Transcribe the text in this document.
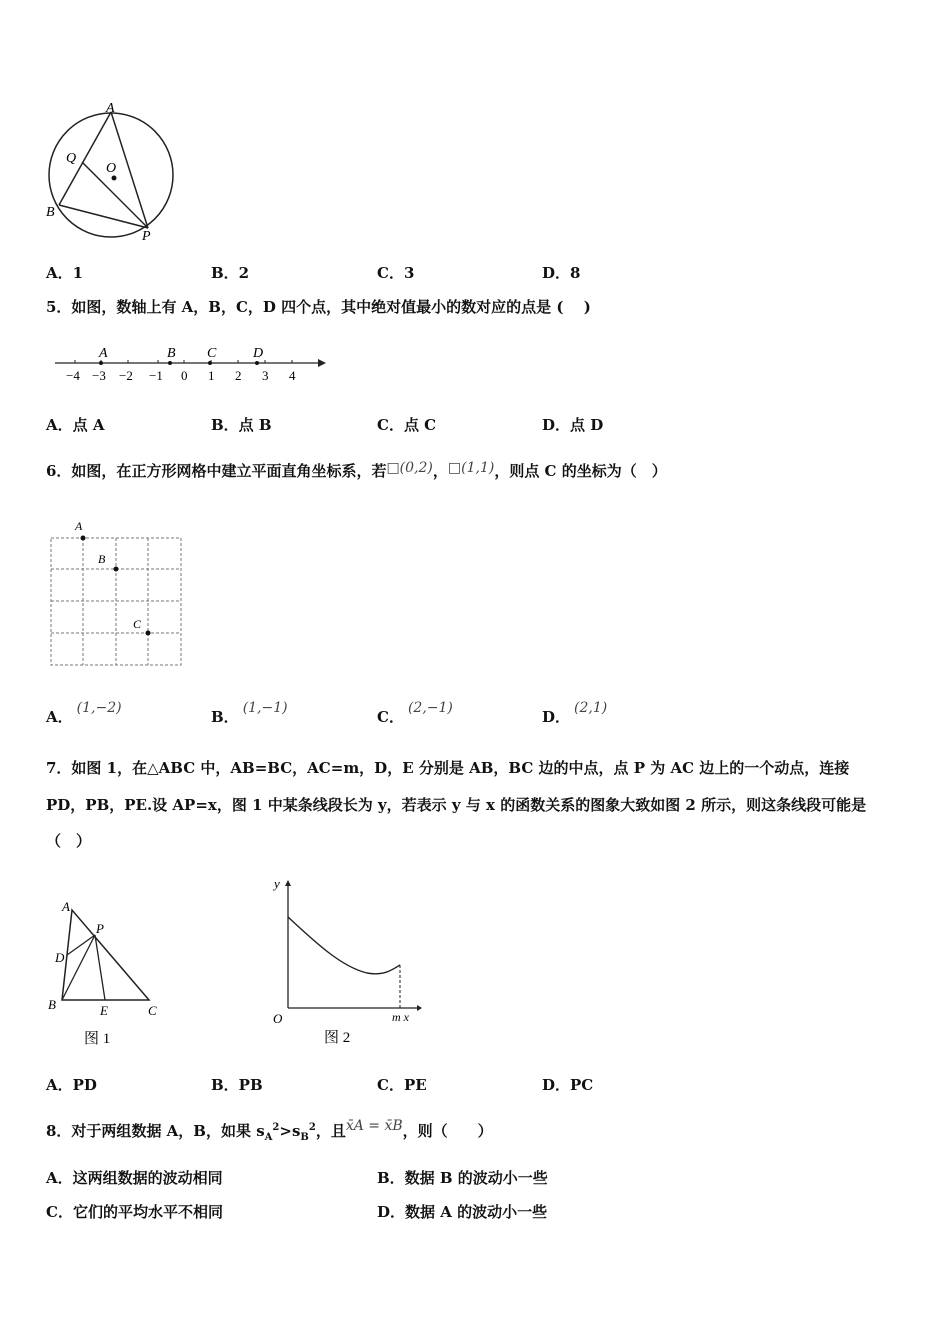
A
Q
O
B
P
A．1	B．2	C．3	D．8
5．如图，数轴上有 A，B，C，D 四个点，其中绝对值最小的数对应的点是 (　 )
A	B C	D
−4 −3 −2 −1 0 1 2 3 4
A．点 A	B．点 B	C．点 C	D．点 D
6．如图，在正方形网格中建立平面直角坐标系，若□(0,2)，□(1,1)，则点 C 的坐标为（　）
A
B
C
A． (1,−2)	B． (1,−1)	C． (2,−1)	D． (2,1)
7．如图 1，在△ABC 中，AB=BC，AC=m，D，E 分别是 AB，BC 边的中点，点 P 为 AC 边上的一个动点，连接
PD，PB，PE.设 AP=x，图 1 中某条线段长为 y，若表示 y 与 x 的函数关系的图象大致如图 2 所示，则这条线段可能是
（　）
A
P
D
B	E	C
图 1
y
O	m x
图 2
A．PD	B．PB	C．PE	D．PC
8．对于两组数据 A，B，如果 $s_A^2>s_B^2$，且x̄A = x̄B，则（　　）
A．这两组数据的波动相同	B．数据 B 的波动小一些
C．它们的平均水平不相同	D．数据 A 的波动小一些
